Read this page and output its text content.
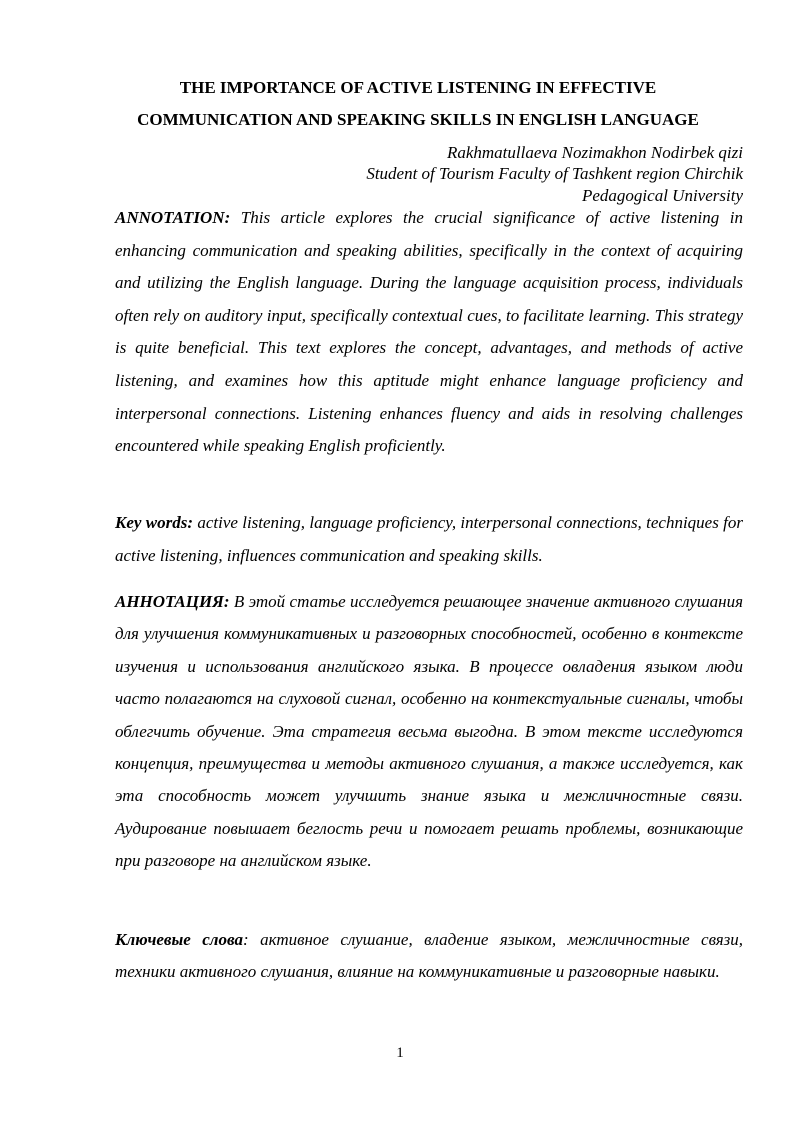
THE IMPORTANCE OF ACTIVE LISTENING IN EFFECTIVE
COMMUNICATION AND SPEAKING SKILLS IN ENGLISH LANGUAGE
Rakhmatullaeva Nozimakhon Nodirbek qizi
Student of Tourism Faculty of Tashkent region Chirchik
Pedagogical University

ANNOTATION: This article explores the crucial significance of active listening in enhancing communication and speaking abilities, specifically in the context of acquiring and utilizing the English language. During the language acquisition process, individuals often rely on auditory input, specifically contextual cues, to facilitate learning. This strategy is quite beneficial. This text explores the concept, advantages, and methods of active listening, and examines how this aptitude might enhance language proficiency and interpersonal connections. Listening enhances fluency and aids in resolving challenges encountered while speaking English proficiently.

Key words: active listening, language proficiency, interpersonal connections, techniques for active listening, influences communication and speaking skills.

АННОТАЦИЯ: В этой статье исследуется решающее значение активного слушания для улучшения коммуникативных и разговорных способностей, особенно в контексте изучения и использования английского языка. В процессе овладения языком люди часто полагаются на слуховой сигнал, особенно на контекстуальные сигналы, чтобы облегчить обучение. Эта стратегия весьма выгодна. В этом тексте исследуются концепция, преимущества и методы активного слушания, а также исследуется, как эта способность может улучшить знание языка и межличностные связи. Аудирование повышает беглость речи и помогает решать проблемы, возникающие при разговоре на английском языке.

Ключевые слова: активное слушание, владение языком, межличностные связи, техники активного слушания, влияние на коммуникативные и разговорные навыки.

1
